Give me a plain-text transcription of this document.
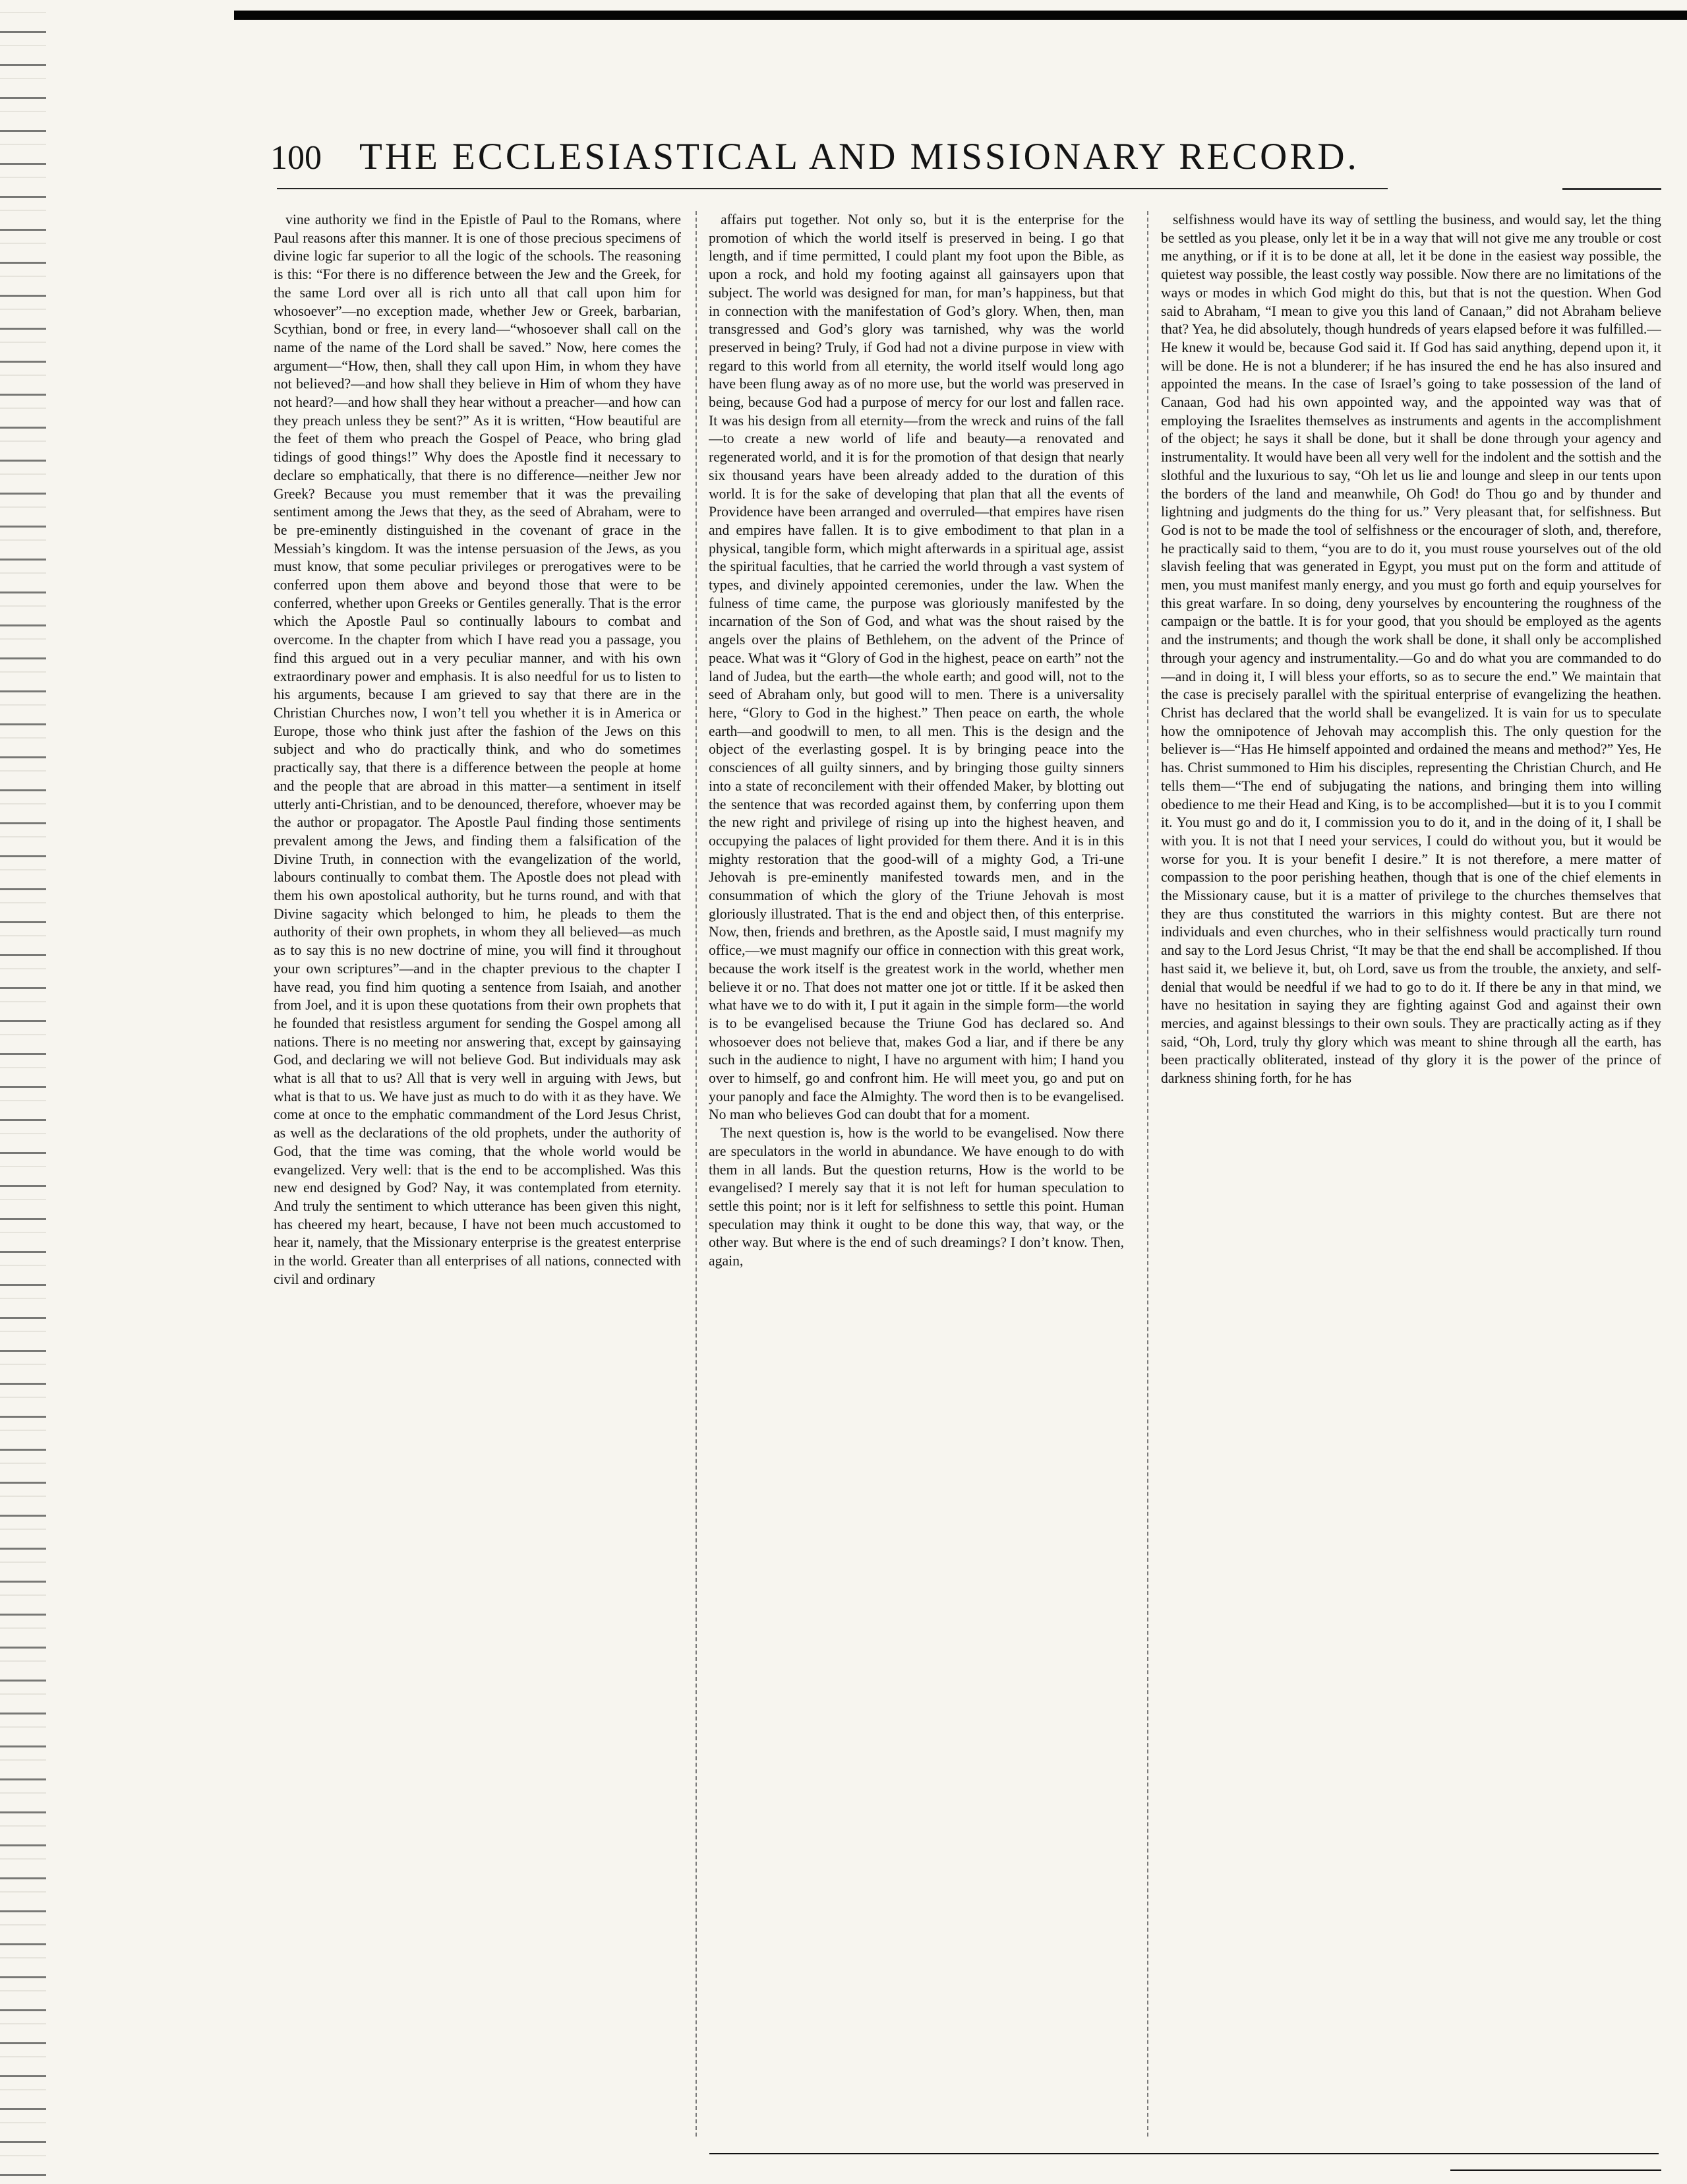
100	THE ECCLESIASTICAL AND MISSIONARY RECORD.

vine authority we find in the Epistle of Paul to the Romans, where Paul reasons after this manner. It is one of those precious specimens of divine logic far superior to all the logic of the schools. The reasoning is this: “For there is no difference between the Jew and the Greek, for the same Lord over all is rich unto all that call upon him for whosoever”—no exception made, whether Jew or Greek, barbarian, Scythian, bond or free, in every land—“whosoever shall call on the name of the name of the Lord shall be saved.” Now, here comes the argument—“How, then, shall they call upon Him, in whom they have not believed?—and how shall they believe in Him of whom they have not heard?—and how shall they hear without a preacher—and how can they preach unless they be sent?” As it is written, “How beautiful are the feet of them who preach the Gospel of Peace, who bring glad tidings of good things!” Why does the Apostle find it necessary to declare so emphatically, that there is no difference—neither Jew nor Greek? Because you must remember that it was the prevailing sentiment among the Jews that they, as the seed of Abraham, were to be pre-eminently distinguished in the covenant of grace in the Messiah’s kingdom. It was the intense persuasion of the Jews, as you must know, that some peculiar privileges or prerogatives were to be conferred upon them above and beyond those that were to be conferred, whether upon Greeks or Gentiles generally. That is the error which the Apostle Paul so continually labours to combat and overcome. In the chapter from which I have read you a passage, you find this argued out in a very peculiar manner, and with his own extraordinary power and emphasis. It is also needful for us to listen to his arguments, because I am grieved to say that there are in the Christian Churches now, I won’t tell you whether it is in America or Europe, those who think just after the fashion of the Jews on this subject and who do practically think, and who do sometimes practically say, that there is a difference between the people at home and the people that are abroad in this matter—a sentiment in itself utterly anti-Christian, and to be denounced, therefore, whoever may be the author or propagator. The Apostle Paul finding those sentiments prevalent among the Jews, and finding them a falsification of the Divine Truth, in connection with the evangelization of the world, labours continually to combat them. The Apostle does not plead with them his own apostolical authority, but he turns round, and with that Divine sagacity which belonged to him, he pleads to them the authority of their own prophets, in whom they all believed—as much as to say this is no new doctrine of mine, you will find it throughout your own scriptures”—and in the chapter previous to the chapter I have read, you find him quoting a sentence from Isaiah, and another from Joel, and it is upon these quotations from their own prophets that he founded that resistless argument for sending the Gospel among all nations. There is no meeting nor answering that, except by gainsaying God, and declaring we will not believe God. But individuals may ask what is all that to us? All that is very well in arguing with Jews, but what is that to us. We have just as much to do with it as they have. We come at once to the emphatic commandment of the Lord Jesus Christ, as well as the declarations of the old prophets, under the authority of God, that the time was coming, that the whole world would be evangelized. Very well: that is the end to be accomplished. Was this new end designed by God? Nay, it was contemplated from eternity. And truly the sentiment to which utterance has been given this night, has cheered my heart, because, I have not been much accustomed to hear it, namely, that the Missionary enterprise is the greatest enterprise in the world. Greater than all enterprises of all nations, connected with civil and ordinary

affairs put together. Not only so, but it is the enterprise for the promotion of which the world itself is preserved in being. I go that length, and if time permitted, I could plant my foot upon the Bible, as upon a rock, and hold my footing against all gainsayers upon that subject. The world was designed for man, for man’s happiness, but that in connection with the manifestation of God’s glory. When, then, man transgressed and God’s glory was tarnished, why was the world preserved in being? Truly, if God had not a divine purpose in view with regard to this world from all eternity, the world itself would long ago have been flung away as of no more use, but the world was preserved in being, because God had a purpose of mercy for our lost and fallen race. It was his design from all eternity—from the wreck and ruins of the fall—to create a new world of life and beauty—a renovated and regenerated world, and it is for the promotion of that design that nearly six thousand years have been already added to the duration of this world. It is for the sake of developing that plan that all the events of Providence have been arranged and overruled—that empires have risen and empires have fallen. It is to give embodiment to that plan in a physical, tangible form, which might afterwards in a spiritual age, assist the spiritual faculties, that he carried the world through a vast system of types, and divinely appointed ceremonies, under the law. When the fulness of time came, the purpose was gloriously manifested by the incarnation of the Son of God, and what was the shout raised by the angels over the plains of Bethlehem, on the advent of the Prince of peace. What was it “Glory of God in the highest, peace on earth” not the land of Judea, but the earth—the whole earth; and good will, not to the seed of Abraham only, but good will to men. There is a universality here, “Glory to God in the highest.” Then peace on earth, the whole earth—and goodwill to men, to all men. This is the design and the object of the everlasting gospel. It is by bringing peace into the consciences of all guilty sinners, and by bringing those guilty sinners into a state of reconcilement with their offended Maker, by blotting out the sentence that was recorded against them, by conferring upon them the new right and privilege of rising up into the highest heaven, and occupying the palaces of light provided for them there. And it is in this mighty restoration that the good-will of a mighty God, a Tri-une Jehovah is pre-eminently manifested towards men, and in the consummation of which the glory of the Triune Jehovah is most gloriously illustrated. That is the end and object then, of this enterprise. Now, then, friends and brethren, as the Apostle said, I must magnify my office,—we must magnify our office in connection with this great work, because the work itself is the greatest work in the world, whether men believe it or no. That does not matter one jot or tittle. If it be asked then what have we to do with it, I put it again in the simple form—the world is to be evangelised because the Triune God has declared so. And whosoever does not believe that, makes God a liar, and if there be any such in the audience to night, I have no argument with him; I hand you over to himself, go and confront him. He will meet you, go and put on your panoply and face the Almighty. The word then is to be evangelised. No man who believes God can doubt that for a moment.

The next question is, how is the world to be evangelised. Now there are speculators in the world in abundance. We have enough to do with them in all lands. But the question returns, How is the world to be evangelised? I merely say that it is not left for human speculation to settle this point; nor is it left for selfishness to settle this point. Human speculation may think it ought to be done this way, that way, or the other way. But where is the end of such dreamings? I don’t know. Then, again,

selfishness would have its way of settling the business, and would say, let the thing be settled as you please, only let it be in a way that will not give me any trouble or cost me anything, or if it is to be done at all, let it be done in the easiest way possible, the quietest way possible, the least costly way possible. Now there are no limitations of the ways or modes in which God might do this, but that is not the question. When God said to Abraham, “I mean to give you this land of Canaan,” did not Abraham believe that? Yea, he did absolutely, though hundreds of years elapsed before it was fulfilled.—He knew it would be, because God said it. If God has said anything, depend upon it, it will be done. He is not a blunderer; if he has insured the end he has also insured and appointed the means. In the case of Israel’s going to take possession of the land of Canaan, God had his own appointed way, and the appointed way was that of employing the Israelites themselves as instruments and agents in the accomplishment of the object; he says it shall be done, but it shall be done through your agency and instrumentality. It would have been all very well for the indolent and the sottish and the slothful and the luxurious to say, “Oh let us lie and lounge and sleep in our tents upon the borders of the land and meanwhile, Oh God! do Thou go and by thunder and lightning and judgments do the thing for us.” Very pleasant that, for selfishness. But God is not to be made the tool of selfishness or the encourager of sloth, and, therefore, he practically said to them, “you are to do it, you must rouse yourselves out of the old slavish feeling that was generated in Egypt, you must put on the form and attitude of men, you must manifest manly energy, and you must go forth and equip yourselves for this great warfare. In so doing, deny yourselves by encountering the roughness of the campaign or the battle. It is for your good, that you should be employed as the agents and the instruments; and though the work shall be done, it shall only be accomplished through your agency and instrumentality.—Go and do what you are commanded to do—and in doing it, I will bless your efforts, so as to secure the end.” We maintain that the case is precisely parallel with the spiritual enterprise of evangelizing the heathen. Christ has declared that the world shall be evangelized. It is vain for us to speculate how the omnipotence of Jehovah may accomplish this. The only question for the believer is—“Has He himself appointed and ordained the means and method?” Yes, He has. Christ summoned to Him his disciples, representing the Christian Church, and He tells them—“The end of subjugating the nations, and bringing them into willing obedience to me their Head and King, is to be accomplished—but it is to you I commit it. You must go and do it, I commission you to do it, and in the doing of it, I shall be with you. It is not that I need your services, I could do without you, but it would be worse for you. It is your benefit I desire.” It is not therefore, a mere matter of compassion to the poor perishing heathen, though that is one of the chief elements in the Missionary cause, but it is a matter of privilege to the churches themselves that they are thus constituted the warriors in this mighty contest. But are there not individuals and even churches, who in their selfishness would practically turn round and say to the Lord Jesus Christ, “It may be that the end shall be accomplished. If thou hast said it, we believe it, but, oh Lord, save us from the trouble, the anxiety, and self-denial that would be needful if we had to go to do it. If there be any in that mind, we have no hesitation in saying they are fighting against God and against their own mercies, and against blessings to their own souls. They are practically acting as if they said, “Oh, Lord, truly thy glory which was meant to shine through all the earth, has been practically obliterated, instead of thy glory it is the power of the prince of darkness shining forth, for he has
